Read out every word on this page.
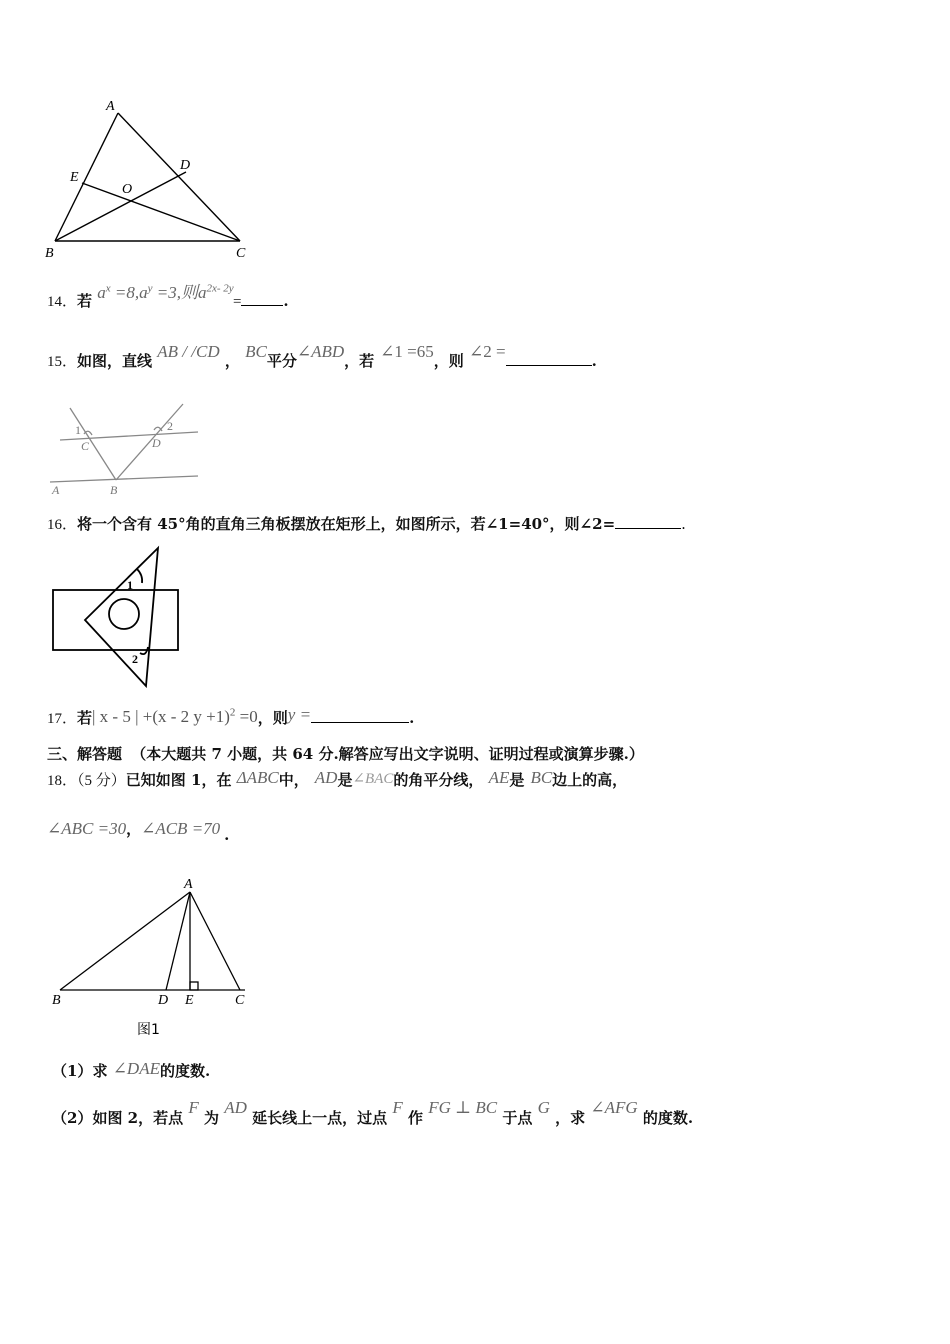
A
E
D
O
B	C
14．若 $a^x =8,a^y =3$,则$a^{2x- 2y}$ =	.
15．如图，直线 AB / /CD ， BC平分∠ABD，若 ∠1 =65，则 ∠2 =	.
1	2
C	D
A	B
16．将一个含有 45°角的直角三角板摆放在矩形上，如图所示，若∠1=40°，则∠2=	.
1
2
17．若| x - 5 | +(x - 2 y +1)$^2$ =0，则y =	.
三、解答题 （本大题共 7 小题，共 64 分.解答应写出文字说明、证明过程或演算步骤.）
18．（5 分）已知如图 1，在 ΔABC中， AD是∠BAC的角平分线， AE是 BC边上的高，
∠ABC =30，∠ACB =70 .
A
B	D E	C
图1
（1）求 ∠DAE的度数.
（2）如图 2，若点 F 为 AD 延长线上一点，过点 F 作 FG ⊥ BC 于点 G ，求 ∠AFG 的度数.
